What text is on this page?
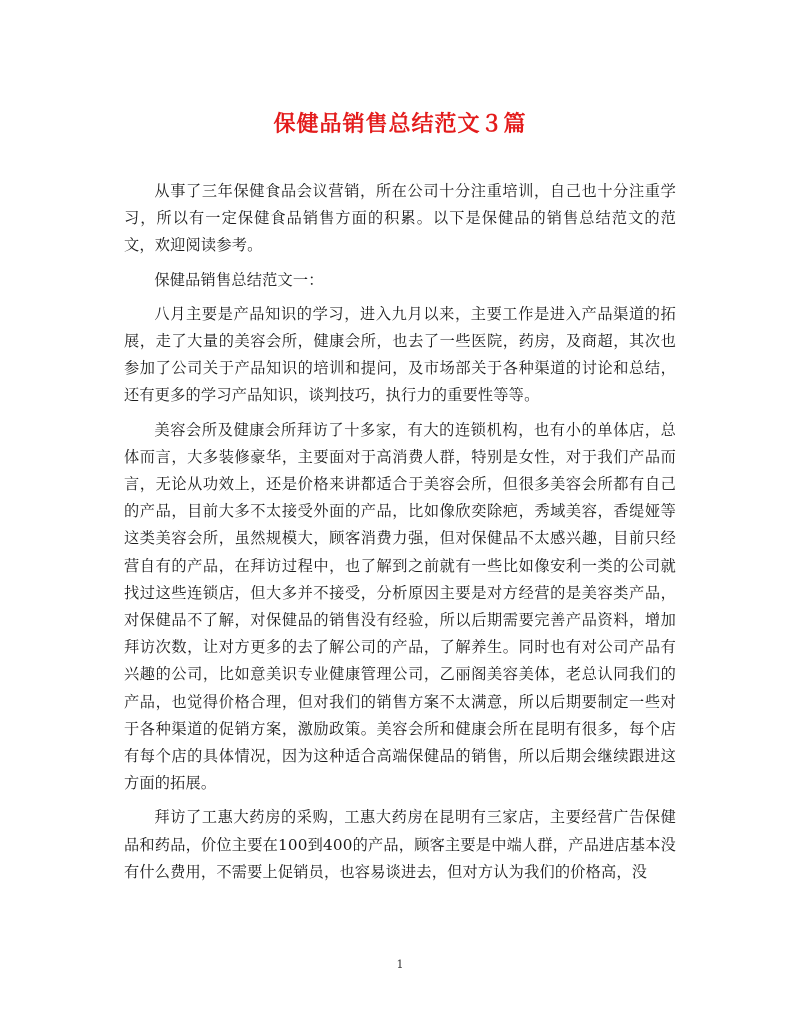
保健品销售总结范文３篇

从事了三年保健食品会议营销，所在公司十分注重培训，自己也十分注重学习，所以有一定保健食品销售方面的积累。以下是保健品的销售总结范文的范文，欢迎阅读参考。

保健品销售总结范文一：

八月主要是产品知识的学习，进入九月以来，主要工作是进入产品渠道的拓展，走了大量的美容会所，健康会所，也去了一些医院，药房，及商超，其次也参加了公司关于产品知识的培训和提问，及市场部关于各种渠道的讨论和总结，还有更多的学习产品知识，谈判技巧，执行力的重要性等等。

美容会所及健康会所拜访了十多家，有大的连锁机构，也有小的单体店，总体而言，大多装修豪华，主要面对于高消费人群，特别是女性，对于我们产品而言，无论从功效上，还是价格来讲都适合于美容会所，但很多美容会所都有自己的产品，目前大多不太接受外面的产品，比如像欣奕除疤，秀域美容，香缇娅等这类美容会所，虽然规模大，顾客消费力强，但对保健品不太感兴趣，目前只经营自有的产品，在拜访过程中，也了解到之前就有一些比如像安利一类的公司就找过这些连锁店，但大多并不接受，分析原因主要是对方经营的是美容类产品，对保健品不了解，对保健品的销售没有经验，所以后期需要完善产品资料，增加拜访次数，让对方更多的去了解公司的产品，了解养生。同时也有对公司产品有兴趣的公司，比如意美识专业健康管理公司，乙丽阁美容美体，老总认同我们的产品，也觉得价格合理，但对我们的销售方案不太满意，所以后期要制定一些对于各种渠道的促销方案，激励政策。美容会所和健康会所在昆明有很多，每个店有每个店的具体情况，因为这种适合高端保健品的销售，所以后期会继续跟进这方面的拓展。

拜访了工惠大药房的采购，工惠大药房在昆明有三家店，主要经营广告保健品和药品，价位主要在100到400的产品，顾客主要是中端人群，产品进店基本没有什么费用，不需要上促销员，也容易谈进去，但对方认为我们的价格高，没

1
